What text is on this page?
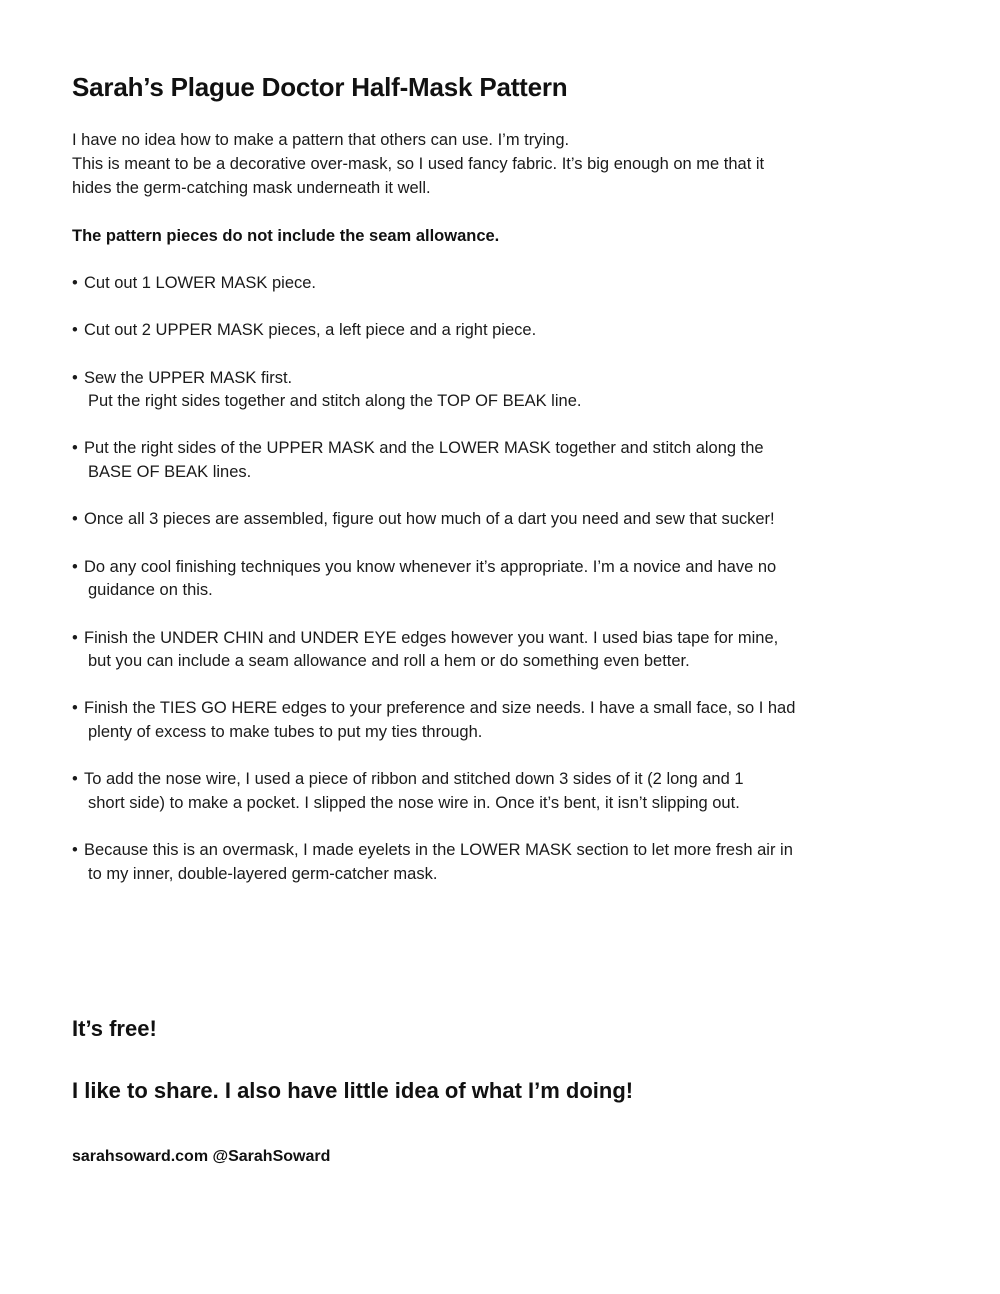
Sarah’s Plague Doctor Half-Mask Pattern

I have no idea how to make a pattern that others can use. I’m trying.
This is meant to be a decorative over-mask, so I used fancy fabric. It’s big enough on me that it
hides the germ-catching mask underneath it well.

The pattern pieces do not include the seam allowance.

• Cut out 1 LOWER MASK piece.
• Cut out 2 UPPER MASK pieces, a left piece and a right piece.
• Sew the UPPER MASK first.
Put the right sides together and stitch along the TOP OF BEAK line.
• Put the right sides of the UPPER MASK and the LOWER MASK together and stitch along the
BASE OF BEAK lines.
• Once all 3 pieces are assembled, figure out how much of a dart you need and sew that sucker!
• Do any cool finishing techniques you know whenever it’s appropriate. I’m a novice and have no
guidance on this.
• Finish the UNDER CHIN and UNDER EYE edges however you want. I used bias tape for mine,
but you can include a seam allowance and roll a hem or do something even better.
• Finish the TIES GO HERE edges to your preference and size needs. I have a small face, so I had
plenty of excess to make tubes to put my ties through.
• To add the nose wire, I used a piece of ribbon and stitched down 3 sides of it (2 long and 1
short side) to make a pocket. I slipped the nose wire in. Once it’s bent, it isn’t slipping out.
• Because this is an overmask, I made eyelets in the LOWER MASK section to let more fresh air in
to my inner, double-layered germ-catcher mask.

It’s free!

I like to share. I also have little idea of what I’m doing!

sarahsoward.com @SarahSoward
